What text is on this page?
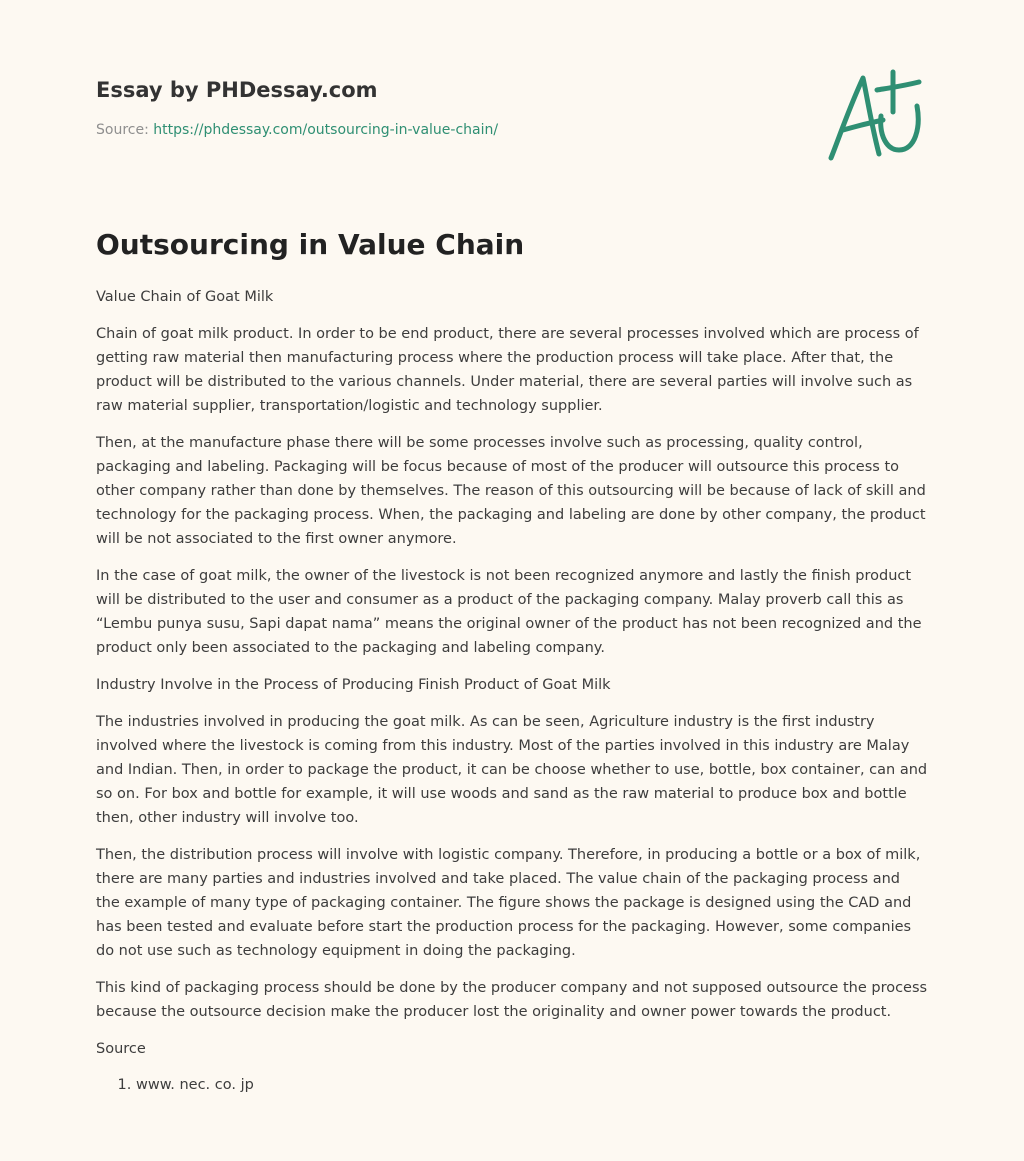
Essay by PHDessay.com
Source: https://phdessay.com/outsourcing-in-value-chain/
Outsourcing in Value Chain
Value Chain of Goat Milk

Chain of goat milk product. In order to be end product, there are several processes involved which are process of getting raw material then manufacturing process where the production process will take place. After that, the product will be distributed to the various channels. Under material, there are several parties will involve such as raw material supplier, transportation/logistic and technology supplier.

Then, at the manufacture phase there will be some processes involve such as processing, quality control, packaging and labeling. Packaging will be focus because of most of the producer will outsource this process to other company rather than done by themselves. The reason of this outsourcing will be because of lack of skill and technology for the packaging process. When, the packaging and labeling are done by other company, the product will be not associated to the first owner anymore.

In the case of goat milk, the owner of the livestock is not been recognized anymore and lastly the finish product will be distributed to the user and consumer as a product of the packaging company. Malay proverb call this as “Lembu punya susu, Sapi dapat nama” means the original owner of the product has not been recognized and the product only been associated to the packaging and labeling company.

Industry Involve in the Process of Producing Finish Product of Goat Milk

The industries involved in producing the goat milk. As can be seen, Agriculture industry is the first industry involved where the livestock is coming from this industry. Most of the parties involved in this industry are Malay and Indian. Then, in order to package the product, it can be choose whether to use, bottle, box container, can and so on. For box and bottle for example, it will use woods and sand as the raw material to produce box and bottle then, other industry will involve too.

Then, the distribution process will involve with logistic company. Therefore, in producing a bottle or a box of milk, there are many parties and industries involved and take placed. The value chain of the packaging process and the example of many type of packaging container. The figure shows the package is designed using the CAD and has been tested and evaluate before start the production process for the packaging. However, some companies do not use such as technology equipment in doing the packaging.

This kind of packaging process should be done by the producer company and not supposed outsource the process because the outsource decision make the producer lost the originality and owner power towards the product.

Source

1. www. nec. co. jp
